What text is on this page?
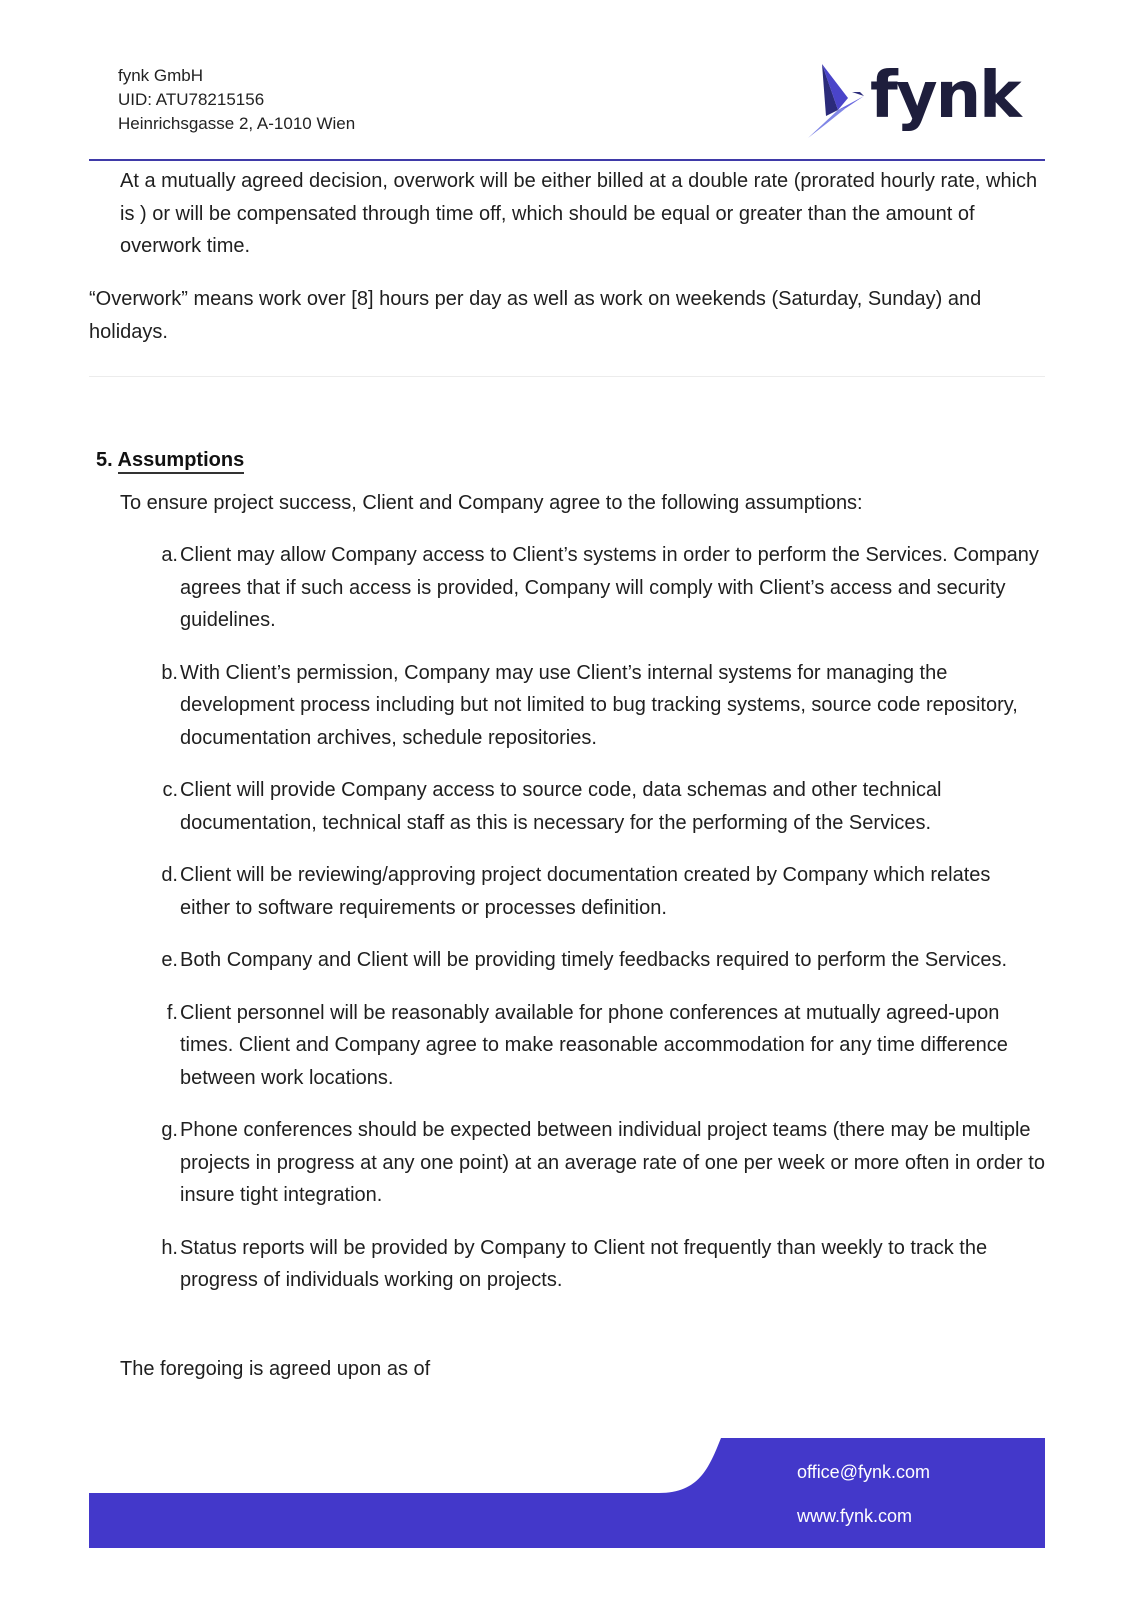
fynk GmbH
UID: ATU78215156
Heinrichsgasse 2, A-1010 Wien	fynk
At a mutually agreed decision, overwork will be either billed at a double rate (prorated hourly rate, which is ) or will be compensated through time off, which should be equal or greater than the amount of overwork time.
“Overwork” means work over [8] hours per day as well as work on weekends (Saturday, Sunday) and holidays.
5. Assumptions
To ensure project success, Client and Company agree to the following assumptions:
a. Client may allow Company access to Client’s systems in order to perform the Services. Company agrees that if such access is provided, Company will comply with Client’s access and security guidelines.
b. With Client’s permission, Company may use Client’s internal systems for managing the development process including but not limited to bug tracking systems, source code repository, documentation archives, schedule repositories.
c. Client will provide Company access to source code, data schemas and other technical documentation, technical staff as this is necessary for the performing of the Services.
d. Client will be reviewing/approving project documentation created by Company which relates either to software requirements or processes definition.
e. Both Company and Client will be providing timely feedbacks required to perform the Services.
f. Client personnel will be reasonably available for phone conferences at mutually agreed-upon times. Client and Company agree to make reasonable accommodation for any time difference between work locations.
g. Phone conferences should be expected between individual project teams (there may be multiple projects in progress at any one point) at an average rate of one per week or more often in order to insure tight integration.
h. Status reports will be provided by Company to Client not frequently than weekly to track the progress of individuals working on projects.
The foregoing is agreed upon as of
office@fynk.com
www.fynk.com
